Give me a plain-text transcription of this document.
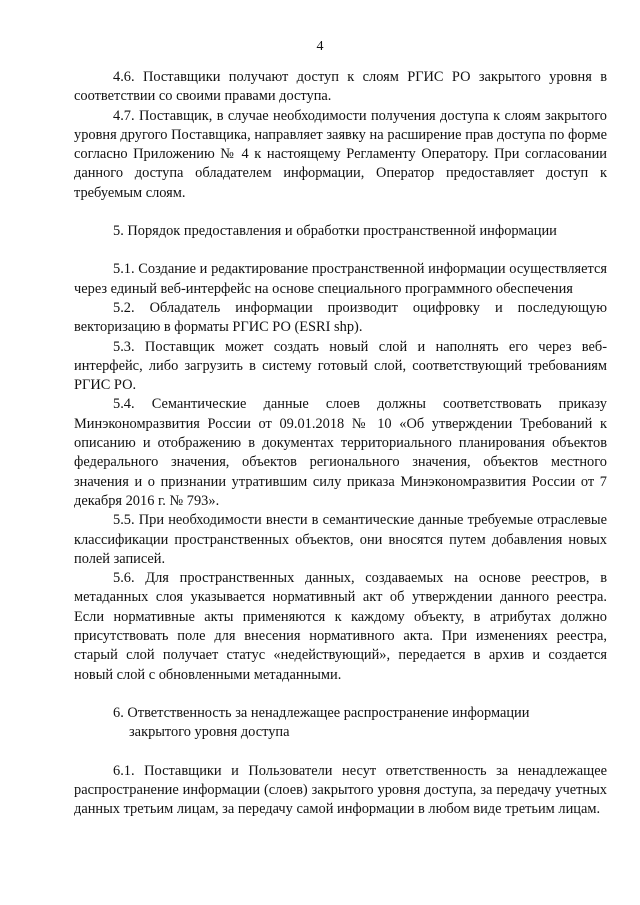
4

4.6. Поставщики получают доступ к слоям РГИС РО закрытого уровня в соответствии со своими правами доступа.

4.7. Поставщик, в случае необходимости получения доступа к слоям закрытого уровня другого Поставщика, направляет заявку на расширение прав доступа по форме согласно Приложению № 4 к настоящему Регламенту Оператору. При согласовании данного доступа обладателем информации, Оператор предоставляет доступ к требуемым слоям.

5. Порядок предоставления и обработки пространственной информации

5.1. Создание и редактирование пространственной информации осуществляется через единый веб-интерфейс на основе специального программного обеспечения

5.2. Обладатель информации производит оцифровку и последующую векторизацию в форматы РГИС РО (ESRI shp).

5.3. Поставщик может создать новый слой и наполнять его через веб-интерфейс, либо загрузить в систему готовый слой, соответствующий требованиям РГИС РО.

5.4. Семантические данные слоев должны соответствовать приказу Минэкономразвития России от 09.01.2018 № 10 «Об утверждении Требований к описанию и отображению в документах территориального планирования объектов федерального значения, объектов регионального значения, объектов местного значения и о признании утратившим силу приказа Минэкономразвития России от 7 декабря 2016 г. № 793».

5.5. При необходимости внести в семантические данные требуемые отраслевые классификации пространственных объектов, они вносятся путем добавления новых полей записей.

5.6. Для пространственных данных, создаваемых на основе реестров, в метаданных слоя указывается нормативный акт об утверждении данного реестра. Если нормативные акты применяются к каждому объекту, в атрибутах должно присутствовать поле для внесения нормативного акта. При изменениях реестра, старый слой получает статус «недействующий», передается в архив и создается новый слой с обновленными метаданными.

6. Ответственность за ненадлежащее распространение информации

закрытого уровня доступа

6.1. Поставщики и Пользователи несут ответственность за ненадлежащее распространение информации (слоев) закрытого уровня доступа, за передачу учетных данных третьим лицам, за передачу самой информации в любом виде третьим лицам.
